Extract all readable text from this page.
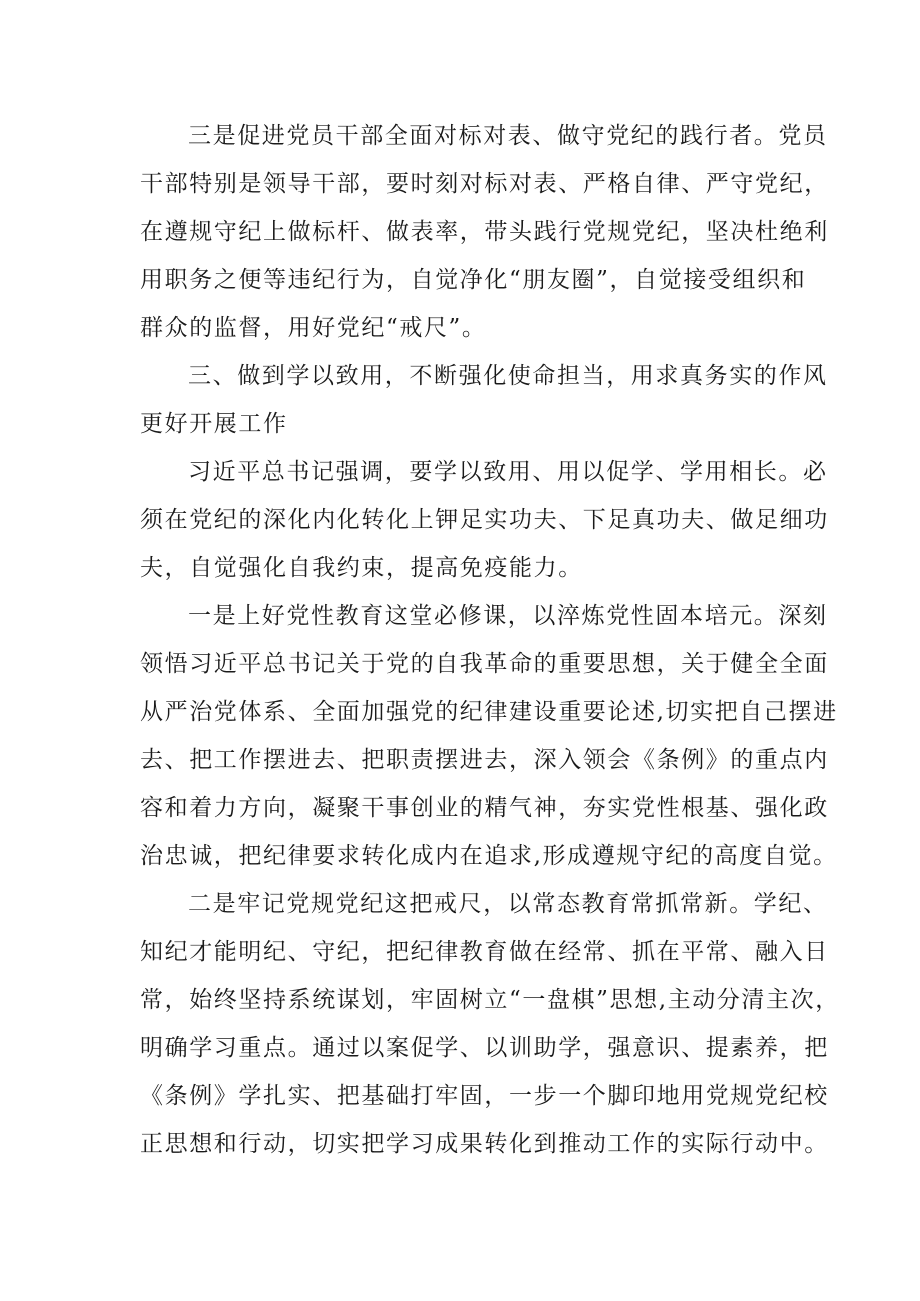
三是促进党员干部全面对标对表、做守党纪的践行者。党员
干部特别是领导干部，要时刻对标对表、严格自律、严守党纪，
在遵规守纪上做标杆、做表率，带头践行党规党纪，坚决杜绝利
用职务之便等违纪行为，自觉净化“朋友圈”，自觉接受组织和
群众的监督，用好党纪“戒尺”。
三、做到学以致用，不断强化使命担当，用求真务实的作风
更好开展工作
习近平总书记强调，要学以致用、用以促学、学用相长。必
须在党纪的深化内化转化上钾足实功夫、下足真功夫、做足细功
夫，自觉强化自我约束，提高免疫能力。
一是上好党性教育这堂必修课，以淬炼党性固本培元。深刻
领悟习近平总书记关于党的自我革命的重要思想，关于健全全面
从严治党体系、全面加强党的纪律建设重要论述,切实把自己摆进
去、把工作摆进去、把职责摆进去，深入领会《条例》的重点内
容和着力方向，凝聚干事创业的精气神，夯实党性根基、强化政
治忠诚，把纪律要求转化成内在追求,形成遵规守纪的高度自觉。
二是牢记党规党纪这把戒尺，以常态教育常抓常新。学纪、
知纪才能明纪、守纪，把纪律教育做在经常、抓在平常、融入日
常，始终坚持系统谋划，牢固树立“一盘棋”思想,主动分清主次，
明确学习重点。通过以案促学、以训助学，强意识、提素养，把
《条例》学扎实、把基础打牢固，一步一个脚印地用党规党纪校
正思想和行动，切实把学习成果转化到推动工作的实际行动中。
